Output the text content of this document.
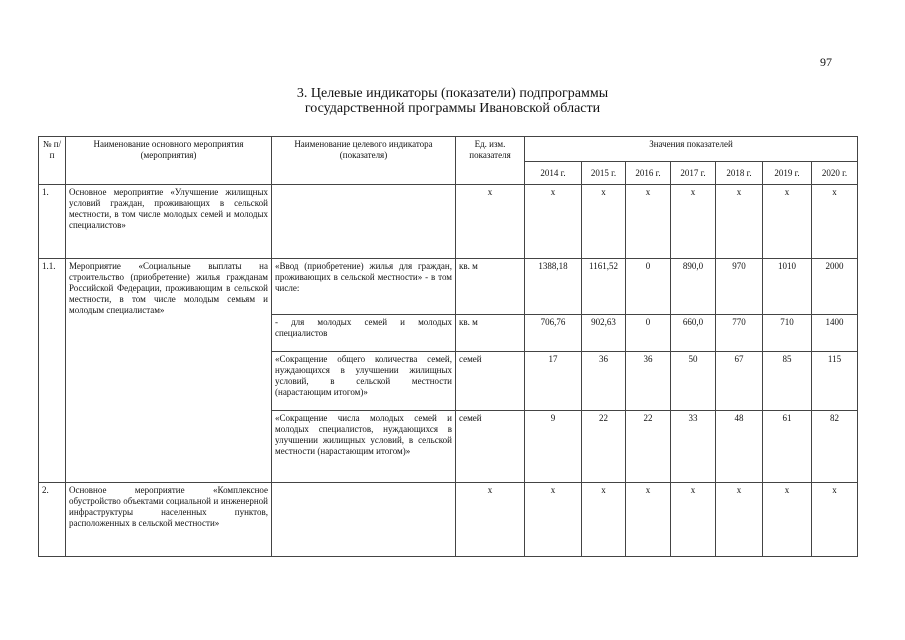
97
3. Целевые индикаторы (показатели) подпрограммы
государственной программы Ивановской области
№ п/п	Наименование основного мероприятия (мероприятия)	Наименование целевого индикатора (показателя)	Ед. изм. показателя	Значения показателей						
				2014 г.	2015 г.	2016 г.	2017 г.	2018 г.	2019 г.	2020 г.
1.	Основное мероприятие «Улучшение жилищных условий граждан, проживающих в сельской местности, в том числе молодых семей и молодых специалистов»		x	x	x	x	x	x	x	x
1.1.	Мероприятие «Социальные выплаты на строительство (приобретение) жилья гражданам Российской Федерации, проживающим в сельской местности, в том числе молодым семьям и молодым специалистам»	«Ввод (приобретение) жилья для граждан, проживающих в сельской местности» - в том числе:	кв. м	1388,18	1161,52	0	890,0	970	1010	2000
		- для молодых семей и молодых специалистов	кв. м	706,76	902,63	0	660,0	770	710	1400
		«Сокращение общего количества семей, нуждающихся в улучшении жилищных условий, в сельской местности (нарастающим итогом)»	семей	17	36	36	50	67	85	115
		«Сокращение числа молодых семей и молодых специалистов, нуждающихся в улучшении жилищных условий, в сельской местности (нарастающим итогом)»	семей	9	22	22	33	48	61	82
2.	Основное мероприятие «Комплексное обустройство объектами социальной и инженерной инфраструктуры населенных пунктов, расположенных в сельской местности»		x	x	x	x	x	x	x	x
